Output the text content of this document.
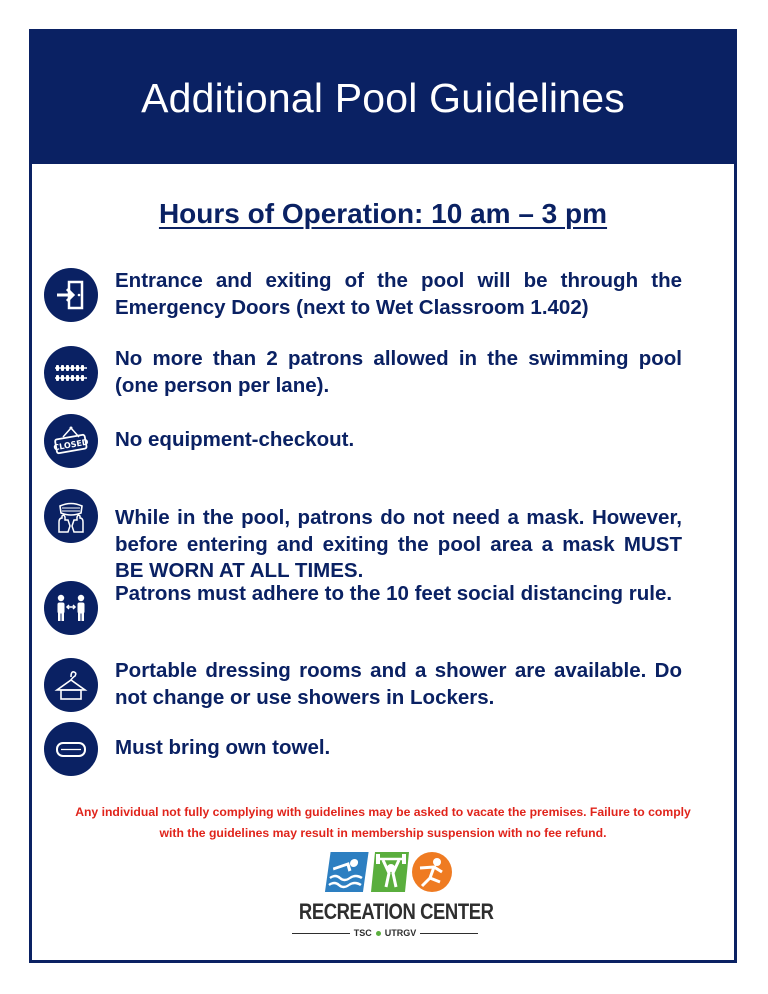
Additional Pool Guidelines
Hours of Operation: 10 am – 3 pm

Entrance and exiting of the pool will be through the Emergency Doors (next to Wet Classroom 1.402)

No more than 2 patrons allowed in the swimming pool (one person per lane).

CLOSED No equipment-checkout.

While in the pool, patrons do not need a mask. However, before entering and exiting the pool area a mask MUST BE WORN AT ALL TIMES.

Patrons must adhere to the 10 feet social distancing rule.

Portable dressing rooms and a shower are available. Do not change or use showers in Lockers.

Must bring own towel.

Any individual not fully complying with guidelines may be asked to vacate the premises. Failure to comply with the guidelines may result in membership suspension with no fee refund.

RECREATION CENTER
TSC UTRGV
